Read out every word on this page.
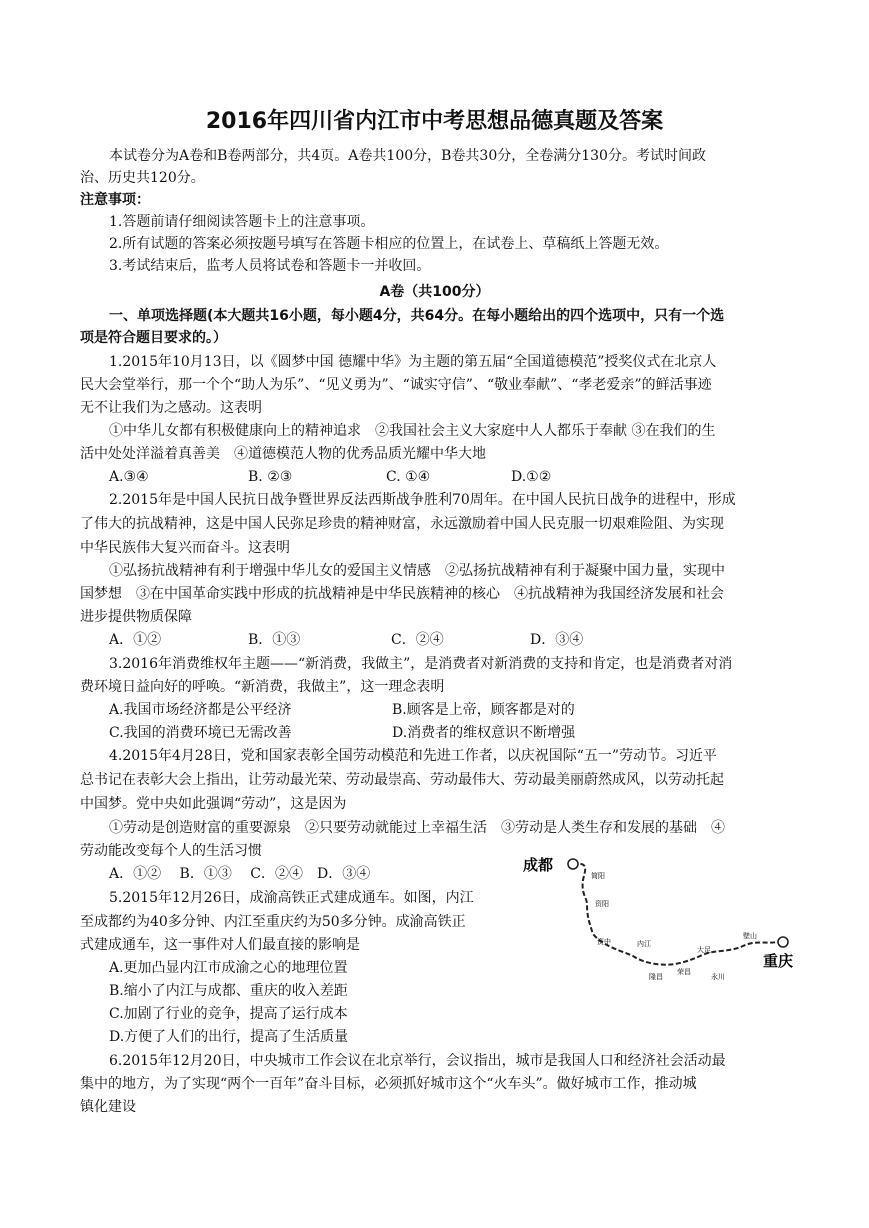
2016年四川省内江市中考思想品德真题及答案
本试卷分为A卷和B卷两部分，共4页。A卷共100分，B卷共30分，全卷满分130分。考试时间政
治、历史共120分。
注意事项：
1.答题前请仔细阅读答题卡上的注意事项。
2.所有试题的答案必须按题号填写在答题卡相应的位置上，在试卷上、草稿纸上答题无效。
3.考试结束后，监考人员将试卷和答题卡一并收回。
A卷（共100分）
一、单项选择题(本大题共16小题，每小题4分，共64分。在每小题给出的四个选项中，只有一个选
项是符合题目要求的。）
1.2015年10月13日，以《圆梦中国 德耀中华》为主题的第五届“全国道德模范”授奖仪式在北京人
民大会堂举行，那一个个“助人为乐”、“见义勇为”、“诚实守信”、“敬业奉献”、“孝老爱亲”的鲜活事迹
无不让我们为之感动。这表明
①中华儿女都有积极健康向上的精神追求　②我国社会主义大家庭中人人都乐于奉献 ③在我们的生
活中处处洋溢着真善美　④道德模范人物的优秀品质光耀中华大地
A.③④	B. ②③	C. ①④	D.①②
2.2015年是中国人民抗日战争暨世界反法西斯战争胜利70周年。在中国人民抗日战争的进程中，形成
了伟大的抗战精神，这是中国人民弥足珍贵的精神财富，永远激励着中国人民克服一切艰难险阻、为实现
中华民族伟大复兴而奋斗。这表明
①弘扬抗战精神有利于增强中华儿女的爱国主义情感　②弘扬抗战精神有利于凝聚中国力量，实现中
国梦想　③在中国革命实践中形成的抗战精神是中华民族精神的核心　④抗战精神为我国经济发展和社会
进步提供物质保障
A．①②	B．①③	C．②④	D．③④
3.2016年消费维权年主题——“新消费，我做主”，是消费者对新消费的支持和肯定，也是消费者对消
费环境日益向好的呼唤。“新消费，我做主”，这一理念表明
A.我国市场经济都是公平经济	B.顾客是上帝，顾客都是对的
C.我国的消费环境已无需改善	D.消费者的维权意识不断增强
4.2015年4月28日，党和国家表彰全国劳动模范和先进工作者，以庆祝国际“五一”劳动节。习近平
总书记在表彰大会上指出，让劳动最光荣、劳动最崇高、劳动最伟大、劳动最美丽蔚然成风，以劳动托起
中国梦。党中央如此强调“劳动”，这是因为
①劳动是创造财富的重要源泉　②只要劳动就能过上幸福生活　③劳动是人类生存和发展的基础　④
劳动能改变每个人的生活习惯
A．①②　 B．①③　 C．②④　D．③④
5.2015年12月26日，成渝高铁正式建成通车。如图，内江
至成都约为40多分钟、内江至重庆约为50多分钟。成渝高铁正
式建成通车，这一事件对人们最直接的影响是
A.更加凸显内江市成渝之心的地理位置
B.缩小了内江与成都、重庆的收入差距
C.加剧了行业的竞争，提高了运行成本
D.方便了人们的出行，提高了生活质量
成都
重庆
简阳
资阳
资中	内江
隆昌
荣昌
大足
永川
壁山
6.2015年12月20日，中央城市工作会议在北京举行，会议指出，城市是我国人口和经济社会活动最
集中的地方，为了实现“两个一百年”奋斗目标，必须抓好城市这个“火车头”。做好城市工作，推动城
镇化建设
